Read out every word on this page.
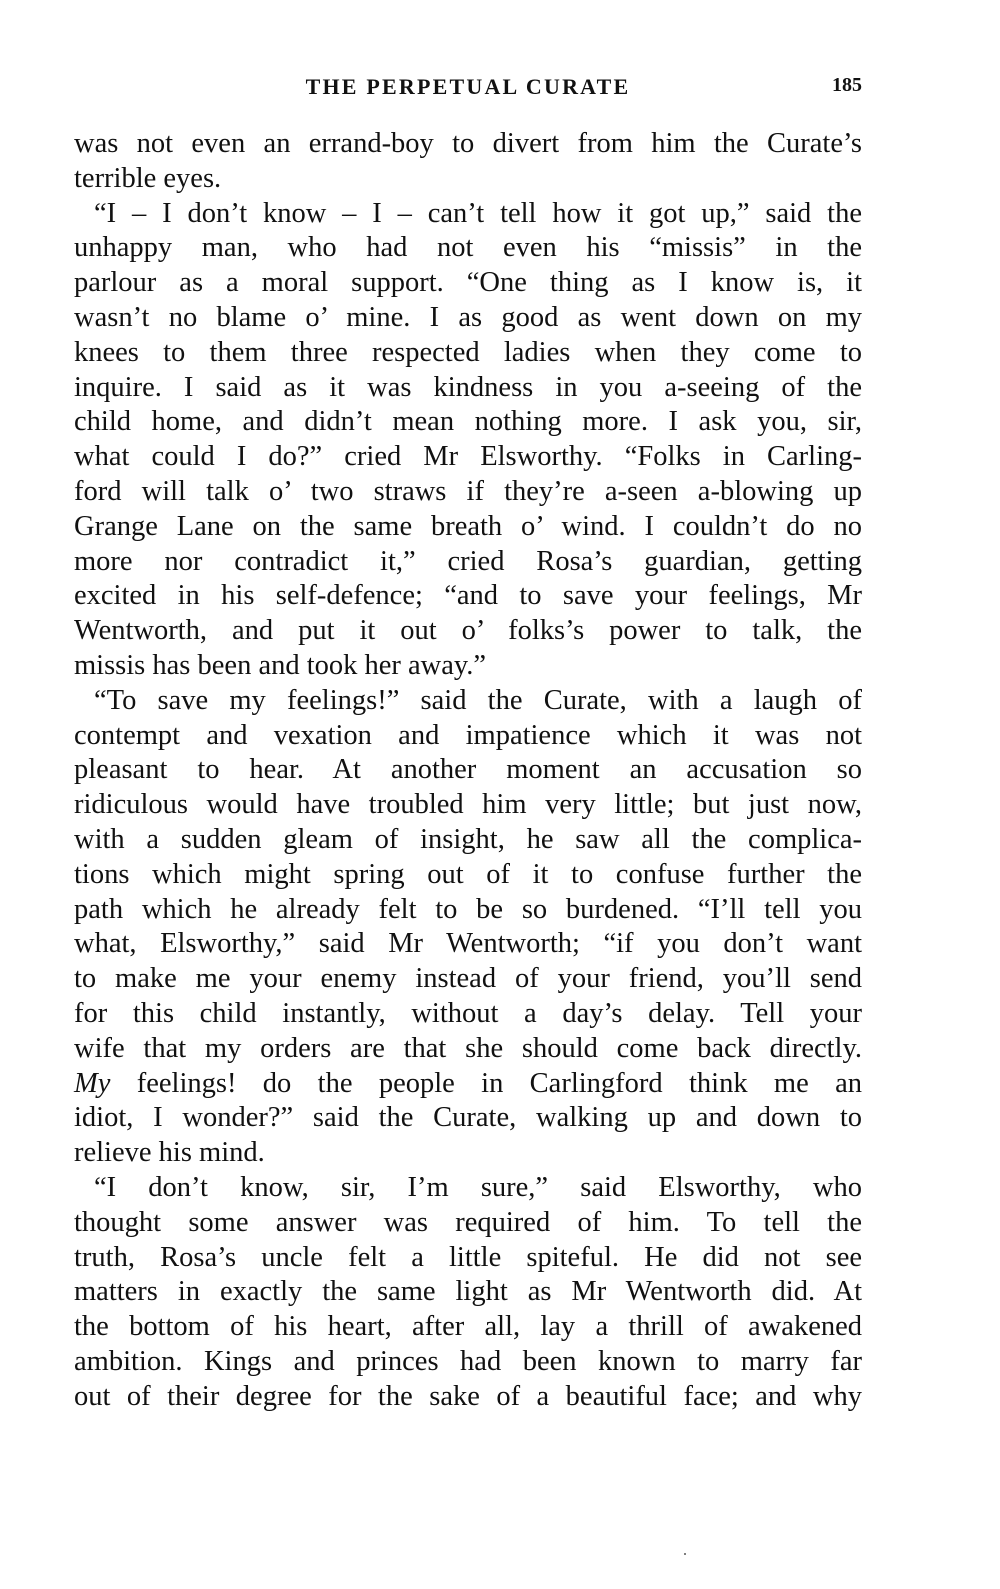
THE PERPETUAL CURATE	185
was not even an errand-boy to divert from him the Curate’s
terrible eyes.
“I – I don’t know – I – can’t tell how it got up,” said the
unhappy man, who had not even his “missis” in the
parlour as a moral support. “One thing as I know is, it
wasn’t no blame o’ mine. I as good as went down on my
knees to them three respected ladies when they come to
inquire. I said as it was kindness in you a-seeing of the
child home, and didn’t mean nothing more. I ask you, sir,
what could I do?” cried Mr Elsworthy. “Folks in Carling-
ford will talk o’ two straws if they’re a-seen a-blowing up
Grange Lane on the same breath o’ wind. I couldn’t do no
more nor contradict it,” cried Rosa’s guardian, getting
excited in his self-defence; “and to save your feelings, Mr
Wentworth, and put it out o’ folks’s power to talk, the
missis has been and took her away.”
“To save my feelings!” said the Curate, with a laugh of
contempt and vexation and impatience which it was not
pleasant to hear. At another moment an accusation so
ridiculous would have troubled him very little; but just now,
with a sudden gleam of insight, he saw all the complica-
tions which might spring out of it to confuse further the
path which he already felt to be so burdened. “I’ll tell you
what, Elsworthy,” said Mr Wentworth; “if you don’t want
to make me your enemy instead of your friend, you’ll send
for this child instantly, without a day’s delay. Tell your
wife that my orders are that she should come back directly.
My feelings! do the people in Carlingford think me an
idiot, I wonder?” said the Curate, walking up and down to
relieve his mind.
“I don’t know, sir, I’m sure,” said Elsworthy, who
thought some answer was required of him. To tell the
truth, Rosa’s uncle felt a little spiteful. He did not see
matters in exactly the same light as Mr Wentworth did. At
the bottom of his heart, after all, lay a thrill of awakened
ambition. Kings and princes had been known to marry far
out of their degree for the sake of a beautiful face; and why
